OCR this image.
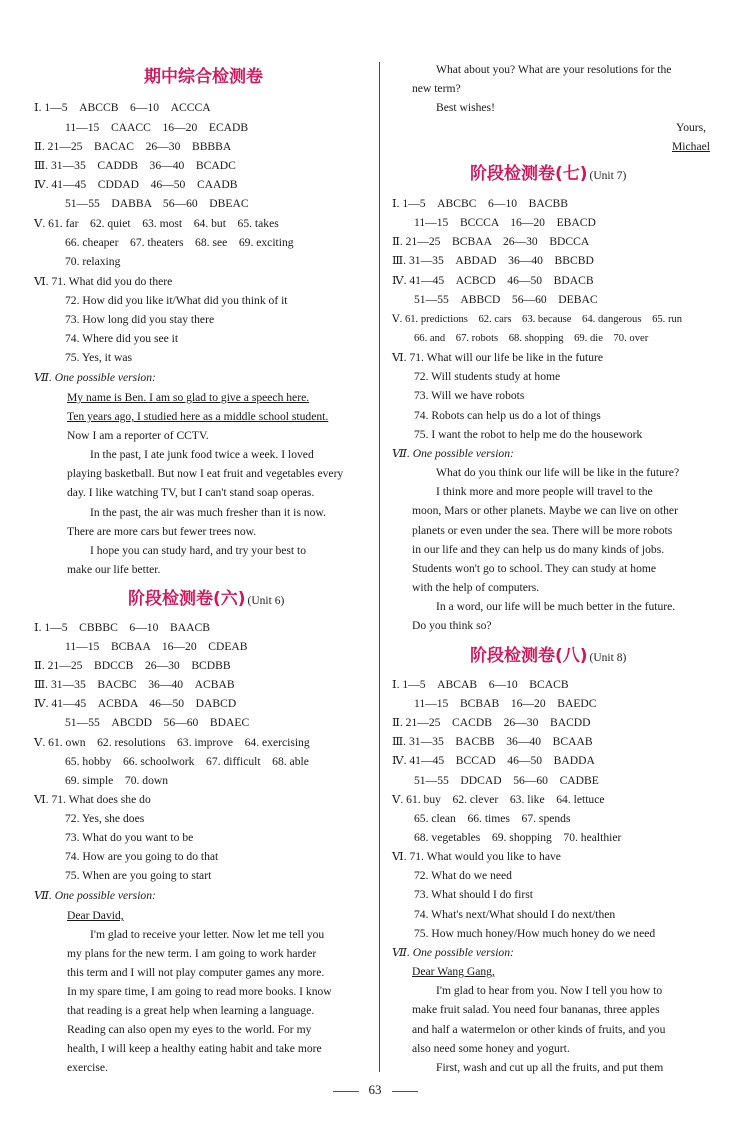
期中综合检测卷
Ⅰ. 1—5　ABCCB　6—10　ACCCA
11—15　CAACC　16—20　ECADB
Ⅱ. 21—25　BACAC　26—30　BBBBA
Ⅲ. 31—35　CADDB　36—40　BCADC
Ⅳ. 41—45　CDDAD　46—50　CAADB
51—55　DABBA　56—60　DBEAC
Ⅴ. 61. far　62. quiet　63. most　64. but　65. takes
66. cheaper　67. theaters　68. see　69. exciting
70. relaxing
Ⅵ. 71. What did you do there
72. How did you like it/What did you think of it
73. How long did you stay there
74. Where did you see it
75. Yes, it was
Ⅶ. One possible version:
My name is Ben. I am so glad to give a speech here.
Ten years ago, I studied here as a middle school student.
Now I am a reporter of CCTV.
In the past, I ate junk food twice a week. I loved
playing basketball. But now I eat fruit and vegetables every
day. I like watching TV, but I can't stand soap operas.
In the past, the air was much fresher than it is now.
There are more cars but fewer trees now.
I hope you can study hard, and try your best to
make our life better.
阶段检测卷(六) (Unit 6)
Ⅰ. 1—5　CBBBC　6—10　BAACB
11—15　BCBAA　16—20　CDEAB
Ⅱ. 21—25　BDCCB　26—30　BCDBB
Ⅲ. 31—35　BACBC　36—40　ACBAB
Ⅳ. 41—45　ACBDA　46—50　DABCD
51—55　ABCDD　56—60　BDAEC
Ⅴ. 61. own　62. resolutions　63. improve　64. exercising
65. hobby　66. schoolwork　67. difficult　68. able
69. simple　70. down
Ⅵ. 71. What does she do
72. Yes, she does
73. What do you want to be
74. How are you going to do that
75. When are you going to start
Ⅶ. One possible version:
Dear David,
I'm glad to receive your letter. Now let me tell you
my plans for the new term. I am going to work harder
this term and I will not play computer games any more.
In my spare time, I am going to read more books. I know
that reading is a great help when learning a language.
Reading can also open my eyes to the world. For my
health, I will keep a healthy eating habit and take more
exercise.
What about you? What are your resolutions for the
new term?
Best wishes!
Yours,
Michael
阶段检测卷(七) (Unit 7)
Ⅰ. 1—5　ABCBC　6—10　BACBB
11—15　BCCCA　16—20　EBACD
Ⅱ. 21—25　BCBAA　26—30　BDCCA
Ⅲ. 31—35　ABDAD　36—40　BBCBD
Ⅳ. 41—45　ACBCD　46—50　BDACB
51—55　ABBCD　56—60　DEBAC
Ⅴ. 61. predictions　62. cars　63. because　64. dangerous　65. run
66. and　67. robots　68. shopping　69. die　70. over
Ⅵ. 71. What will our life be like in the future
72. Will students study at home
73. Will we have robots
74. Robots can help us do a lot of things
75. I want the robot to help me do the housework
Ⅶ. One possible version:
What do you think our life will be like in the future?
I think more and more people will travel to the
moon, Mars or other planets. Maybe we can live on other
planets or even under the sea. There will be more robots
in our life and they can help us do many kinds of jobs.
Students won't go to school. They can study at home
with the help of computers.
In a word, our life will be much better in the future.
Do you think so?
阶段检测卷(八) (Unit 8)
Ⅰ. 1—5　ABCAB　6—10　BCACB
11—15　BCBAB　16—20　BAEDC
Ⅱ. 21—25　CACDB　26—30　BACDD
Ⅲ. 31—35　BACBB　36—40　BCAAB
Ⅳ. 41—45　BCCAD　46—50　BADDA
51—55　DDCAD　56—60　CADBE
Ⅴ. 61. buy　62. clever　63. like　64. lettuce
65. clean　66. times　67. spends
68. vegetables　69. shopping　70. healthier
Ⅵ. 71. What would you like to have
72. What do we need
73. What should I do first
74. What's next/What should I do next/then
75. How much honey/How much honey do we need
Ⅶ. One possible version:
Dear Wang Gang,
I'm glad to hear from you. Now I tell you how to
make fruit salad. You need four bananas, three apples
and half a watermelon or other kinds of fruits, and you
also need some honey and yogurt.
First, wash and cut up all the fruits, and put them
63
